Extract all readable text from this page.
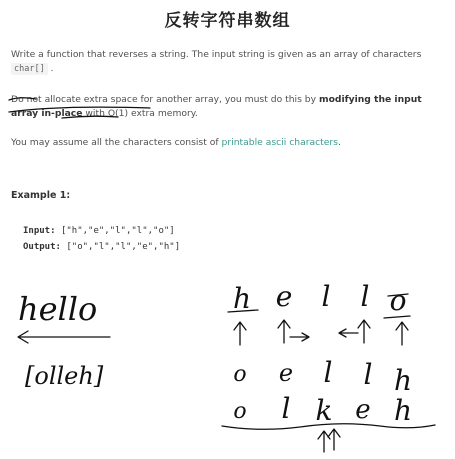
反转字符串数组
Write a function that reverses a string. The input string is given as an array of characters
char[] .
Do not allocate extra space for another array, you must do this by modifying the input array in-place with O(1) extra memory.
You may assume all the characters consist of printable ascii characters.
Example 1:
Input: ["h","e","l","l","o"]
Output: ["o","l","l","e","h"]
hello
[olleh]
h e l l o
o e l l h
o l k e h
